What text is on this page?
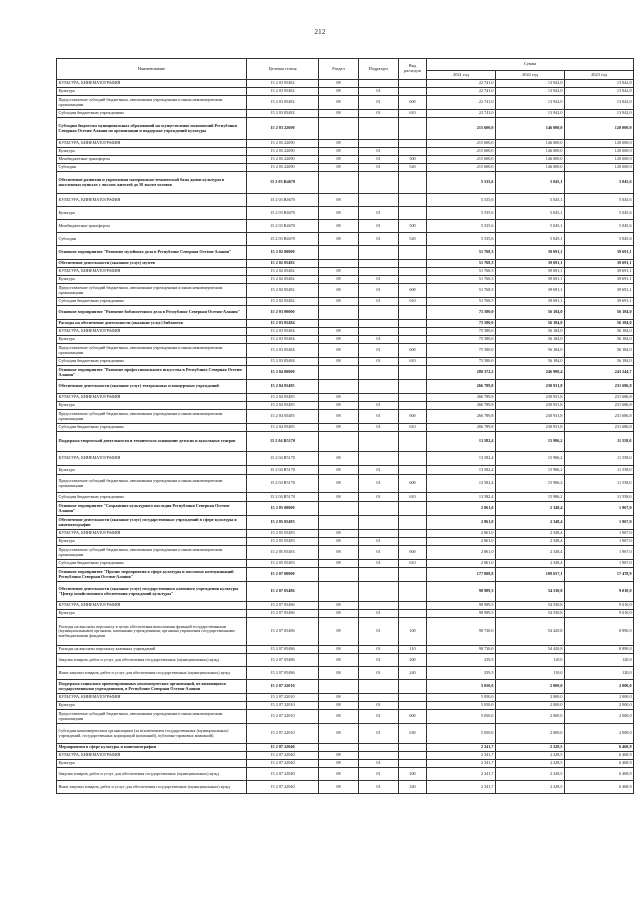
212
Наименование	Целевая статья	Раздел	Подраздел	Вид расходов	Сумма		
					2021 год	2022 год	2023 год
КУЛЬТУРА, КИНЕМАТОГРАФИЯ	15 2 03 05482	08			22 741,0	13 942,0	13 942,0
Культура	15 2 03 05482	08	01		22 741,0	13 942,0	13 942,0
Предоставление субсидий бюджетным, автономным учреждениям и иным некоммерческим организациям	15 2 03 05482	08	01	600	22 741,0	13 942,0	13 942,0
Субсидии бюджетным учреждениям	15 2 03 05482	08	01	610	22 741,0	13 942,0	13 942,0
Субсидии бюджетам муниципальных образований на осуществление полномочий Республики Северная Осетия-Алания по организации и поддержке учреждений культуры	15 2 03 22690				215 600,0	146 000,0	120 000,0
КУЛЬТУРА, КИНЕМАТОГРАФИЯ	15 2 03 22690	08			215 600,0	146 000,0	120 000,0
Культура	15 2 03 22690	08	01		215 600,0	146 000,0	120 000,0
Межбюджетные трансферты	15 2 03 22690	08	01	500	215 600,0	146 000,0	120 000,0
Субсидии	15 2 03 22690	08	01	520	215 600,0	146 000,0	120 000,0
Обеспечение развития и укрепления материально-технической базы домов культуры в населенных пунктах с числом жителей до 50 тысяч человек	15 2 03 R4670				5 535,6	5 045,1	5 045,6
КУЛЬТУРА, КИНЕМАТОГРАФИЯ	15 2 03 R4670	08			5 535,6	5 045,1	5 045,6
Культура	15 2 03 R4670	08	01		5 535,6	5 045,1	5 045,6
Межбюджетные трансферты	15 2 03 R4670	08	01	500	5 535,6	5 045,1	5 045,6
Субсидии	15 2 03 R4670	08	01	520	5 535,6	5 045,1	5 045,6
Основное мероприятие "Развитие музейного дела в Республике Северная Осетия-Алания"	15 2 02 00000				51 768,3	39 691,1	39 691,1
Обеспечение деятельности (оказание услуг) музеев	15 2 02 05482				51 768,3	39 691,1	39 691,1
КУЛЬТУРА, КИНЕМАТОГРАФИЯ	15 2 02 05482	08			51 768,3	39 691,1	39 691,1
Культура	15 2 02 05482	08	01		51 768,3	39 691,1	39 691,1
Предоставление субсидий бюджетным, автономным учреждениям и иным некоммерческим организациям	15 2 02 05482	08	01	600	51 768,3	39 691,1	39 691,1
Субсидии бюджетным учреждениям	15 2 02 05482	08	01	610	51 768,3	39 691,1	39 691,1
Основное мероприятие "Развитие библиотечного дела в Республике Северная Осетия-Алания"	15 2 03 00000				75 580,0	56 184,0	56 184,0
Расходы на обеспечение деятельности (оказание услуг) библиотек	15 2 03 05484				75 580,0	56 184,0	56 184,0
КУЛЬТУРА, КИНЕМАТОГРАФИЯ	15 2 03 05484	08			75 580,0	56 184,0	56 184,0
Культура	15 2 03 05484	08	01		75 580,0	56 184,0	56 184,0
Предоставление субсидий бюджетным, автономным учреждениям и иным некоммерческим организациям	15 2 03 05484	08	01	600	75 580,0	56 184,0	56 184,0
Субсидии бюджетным учреждениям	15 2 03 05484	08	01	610	75 580,0	56 184,0	56 184,0
Основное мероприятие "Развитие профессионального искусства в Республике Северная Осетия-Алания"	15 2 04 00000				280 372,2	246 908,4	243 244,7
Обеспечение деятельности (оказание услуг) театральных и концертных учреждений	15 2 04 05485				266 789,8	230 931,8	231 686,8
КУЛЬТУРА, КИНЕМАТОГРАФИЯ	15 2 04 05485	08			266 789,8	230 931,8	231 686,8
Культура	15 2 04 05485	08	01		266 789,8	230 931,8	231 686,8
Предоставление субсидий бюджетным, автономным учреждениям и иным некоммерческим организациям	15 2 04 05485	08	01	600	266 789,8	230 931,8	231 686,8
Субсидии бюджетным учреждениям	15 2 04 05485	08	01	610	266 789,8	230 931,8	231 686,8
Поддержка творческой деятельности и техническое оснащение детских и кукольных театров	15 2 04 R5170				13 582,4	15 986,2	11 558,0
КУЛЬТУРА, КИНЕМАТОГРАФИЯ	15 2 04 R5170	08			13 582,4	15 986,2	11 558,0
Культура	15 2 04 R5170	08	01		13 582,4	15 986,2	11 558,0
Предоставление субсидий бюджетным, автономным учреждениям и иным некоммерческим организациям	15 2 04 R5170	08	01	600	13 582,4	15 986,2	11 558,0
Субсидии бюджетным учреждениям	15 2 04 R5170	08	01	610	13 582,4	15 986,2	11 558,0
Основное мероприятие "Сохранение культурного наследия Республики Северная Осетия-Алания"	15 2 05 00000				2 861,0	2 348,4	1 967,0
Обеспечение деятельности (оказание услуг) государственных учреждений в сфере культуры и кинематографии	15 2 05 05483				2 861,0	2 348,4	1 967,0
КУЛЬТУРА, КИНЕМАТОГРАФИЯ	15 2 05 05483	08			2 861,0	2 348,4	1 967,0
Культура	15 2 05 05483	08	01		2 861,0	2 348,4	1 967,0
Предоставление субсидий бюджетным, автономным учреждениям и иным некоммерческим организациям	15 2 05 05483	08	01	600	2 861,0	2 348,4	1 967,0
Субсидии бюджетным учреждениям	15 2 05 05483	08	01	610	2 861,0	2 348,4	1 967,0
Основное мероприятие "Прочие мероприятия в сфере культуры и массовых коммуникаций Республики Северная Осетия-Алания"	15 2 07 00000				177 008,8	109 657,1	17 478,9
Обеспечение деятельности (оказание услуг) государственного казенного учреждения культуры "Центр хозяйственного обеспечения учреждений культуры"	15 2 07 05486				98 989,3	54 530,8	9 010,0
КУЛЬТУРА, КИНЕМАТОГРАФИЯ	15 2 07 05486	08			98 989,3	54 530,8	9 010,0
Культура	15 2 07 05486	08	01		98 989,3	54 530,8	9 010,0
Расходы на выплаты персоналу в целях обеспечения выполнения функций государственными (муниципальными) органами, казенными учреждениями, органами управления государственными внебюджетными фондами	15 2 07 05486	08	01	100	98 730,0	54 420,8	8 890,0
Расходы на выплаты персоналу казенных учреждений	15 2 07 05486	08	01	110	98 730,0	54 420,8	8 890,0
Закупка товаров, работ и услуг для обеспечения государственных (муниципальных) нужд	15 2 07 05486	08	01	200	259,3	110,0	120,0
Иные закупки товаров, работ и услуг для обеспечения государственных (муниципальных) нужд	15 2 07 05486	08	01	240	259,3	110,0	120,0
Поддержка социально ориентированных некоммерческих организаций, не являющихся государственными учреждениями, в Республике Северная Осетия-Алания	15 2 07 22010				5 050,0	2 000,0	2 000,0
КУЛЬТУРА, КИНЕМАТОГРАФИЯ	15 2 07 22010	08			5 050,0	2 000,0	2 000,0
Культура	15 2 07 22010	08	01		5 050,0	2 000,0	2 000,0
Предоставление субсидий бюджетным, автономным учреждениям и иным некоммерческим организациям	15 2 07 22010	08	01	600	5 050,0	2 000,0	2 000,0
Субсидии некоммерческим организациям (за исключением государственных (муниципальных) учреждений, государственных корпораций (компаний), публично-правовых компаний)	15 2 07 22010	08	01	630	5 050,0	2 000,0	2 000,0
Мероприятия в сфере культуры и кинематографии	15 2 07 22040				2 341,7	2 228,5	6 468,9
КУЛЬТУРА, КИНЕМАТОГРАФИЯ	15 2 07 22040	08			2 341,7	2 228,5	6 468,9
Культура	15 2 07 22040	08	01		2 341,7	2 228,5	6 468,9
Закупка товаров, работ и услуг для обеспечения государственных (муниципальных) нужд	15 2 07 22040	08	01	200	2 341,7	2 228,5	6 468,9
Иные закупки товаров, работ и услуг для обеспечения государственных (муниципальных) нужд	15 2 07 22040	08	01	240	2 341,7	2 228,5	6 468,9
